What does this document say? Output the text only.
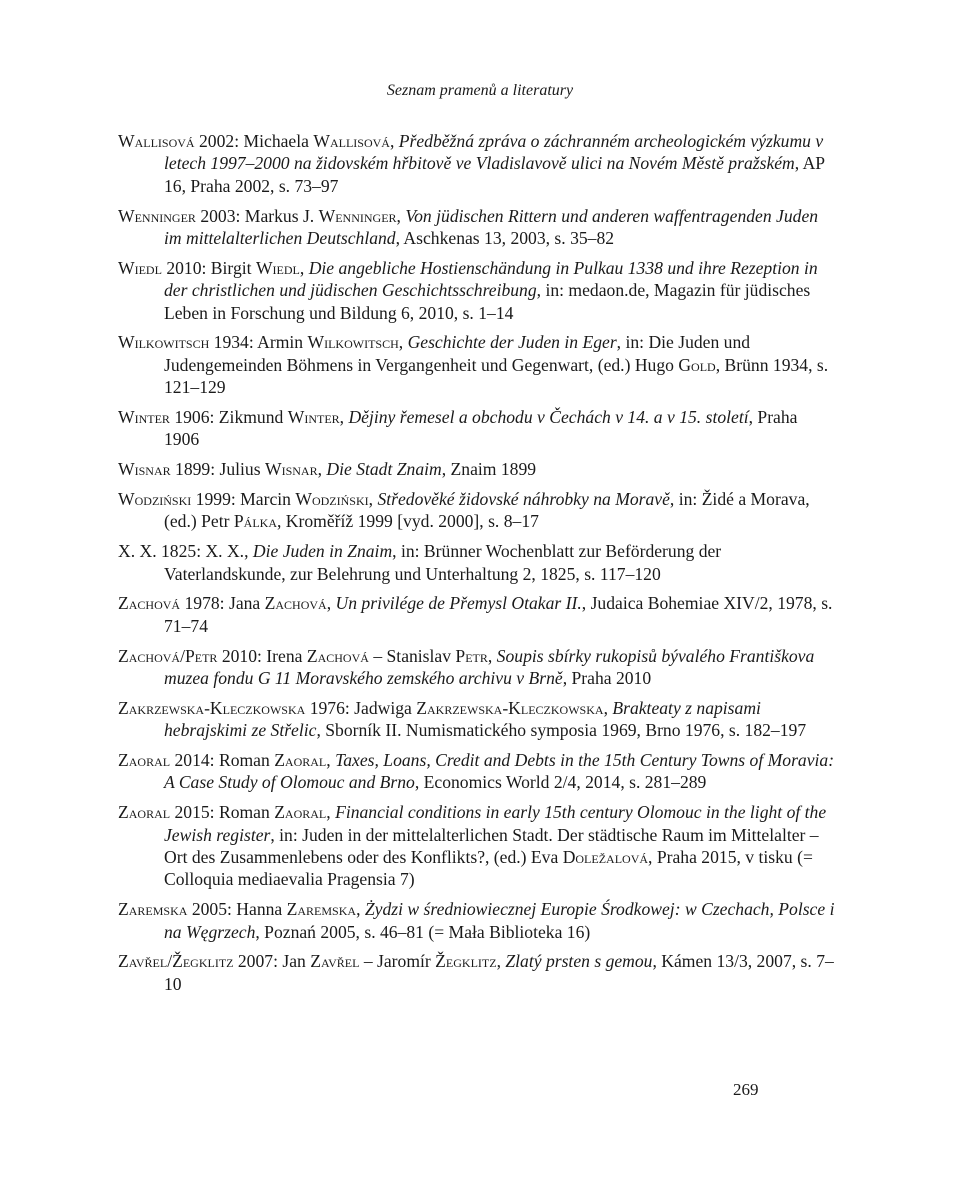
Seznam pramenů a literatury
Wallisová 2002: Michaela Wallisová, Předběžná zpráva o záchranném archeologickém výzkumu v letech 1997–2000 na židovském hřbitově ve Vladislavově ulici na Novém Městě pražském, AP 16, Praha 2002, s. 73–97
Wenninger 2003: Markus J. Wenninger, Von jüdischen Rittern und anderen waffentragenden Juden im mittelalterlichen Deutschland, Aschkenas 13, 2003, s. 35–82
Wiedl 2010: Birgit Wiedl, Die angebliche Hostienschändung in Pulkau 1338 und ihre Rezeption in der christlichen und jüdischen Geschichtsschreibung, in: medaon.de, Magazin für jüdisches Leben in Forschung und Bildung 6, 2010, s. 1–14
Wilkowitsch 1934: Armin Wilkowitsch, Geschichte der Juden in Eger, in: Die Juden und Judengemeinden Böhmens in Vergangenheit und Gegenwart, (ed.) Hugo Gold, Brünn 1934, s. 121–129
Winter 1906: Zikmund Winter, Dějiny řemesel a obchodu v Čechách v 14. a v 15. století, Praha 1906
Wisnar 1899: Julius Wisnar, Die Stadt Znaim, Znaim 1899
Wodziński 1999: Marcin Wodziński, Středověké židovské náhrobky na Moravě, in: Židé a Morava, (ed.) Petr Pálka, Kroměříž 1999 [vyd. 2000], s. 8–17
X. X. 1825: X. X., Die Juden in Znaim, in: Brünner Wochenblatt zur Beförderung der Vaterlandskunde, zur Belehrung und Unterhaltung 2, 1825, s. 117–120
Zachová 1978: Jana Zachová, Un privilége de Přemysl Otakar II., Judaica Bohemiae XIV/2, 1978, s. 71–74
Zachová/Petr 2010: Irena Zachová – Stanislav Petr, Soupis sbírky rukopisů bývalého Františkova muzea fondu G 11 Moravského zemského archivu v Brně, Praha 2010
Zakrzewska-Kleczkowska 1976: Jadwiga Zakrzewska-Kleczkowska, Brakteaty z napisami hebrajskimi ze Střelic, Sborník II. Numismatického symposia 1969, Brno 1976, s. 182–197
Zaoral 2014: Roman Zaoral, Taxes, Loans, Credit and Debts in the 15th Century Towns of Moravia: A Case Study of Olomouc and Brno, Economics World 2/4, 2014, s. 281–289
Zaoral 2015: Roman Zaoral, Financial conditions in early 15th century Olomouc in the light of the Jewish register, in: Juden in der mittelalterlichen Stadt. Der städtische Raum im Mittelalter – Ort des Zusammenlebens oder des Konflikts?, (ed.) Eva Doležalová, Praha 2015, v tisku (= Colloquia mediaevalia Pragensia 7)
Zaremska 2005: Hanna Zaremska, Żydzi w średniowiecznej Europie Środkowej: w Czechach, Polsce i na Węgrzech, Poznań 2005, s. 46–81 (= Mała Biblioteka 16)
Zavřel/Žegklitz 2007: Jan Zavřel – Jaromír Žegklitz, Zlatý prsten s gemou, Kámen 13/3, 2007, s. 7–10
269
